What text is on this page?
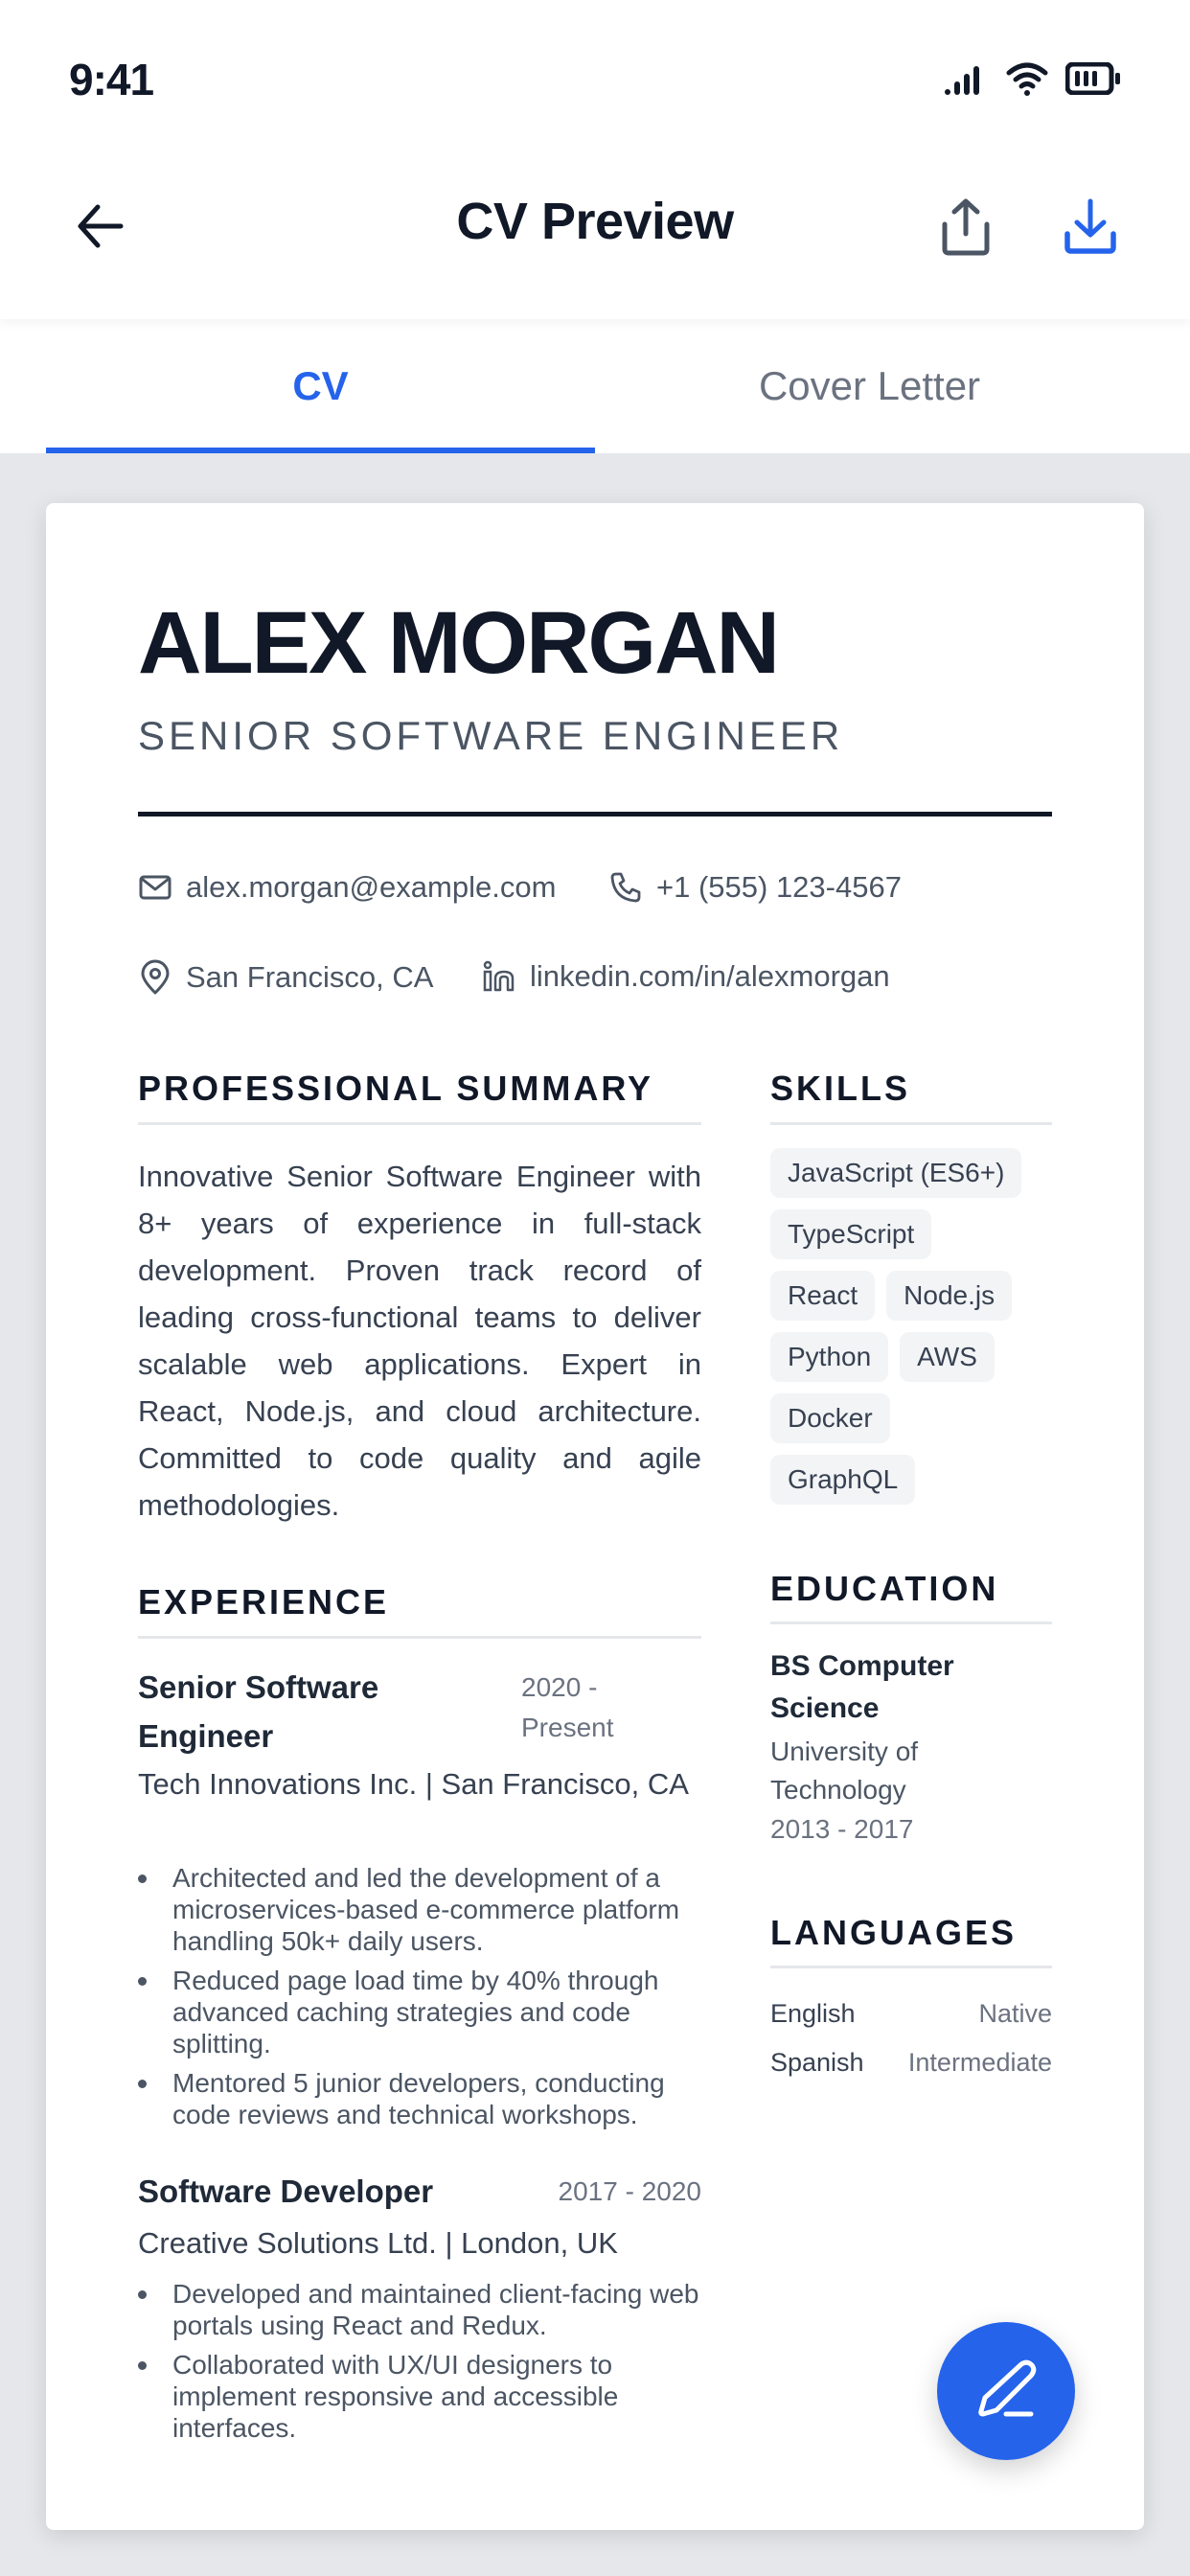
9:41
CV Preview
CV	Cover Letter
ALEX MORGAN
SENIOR SOFTWARE ENGINEER
alex.morgan@example.com	+1 (555) 123-4567
San Francisco, CA	linkedin.com/in/alexmorgan
PROFESSIONAL SUMMARY
Innovative Senior Software Engineer with 8+ years of experience in full-stack development. Proven track record of leading cross-functional teams to deliver scalable web applications. Expert in React, Node.js, and cloud architecture. Committed to code quality and agile methodologies.
EXPERIENCE
Senior Software Engineer
2020 - Present
Tech Innovations Inc. | San Francisco, CA
Architected and led the development of a microservices-based e-commerce platform handling 50k+ daily users.
Reduced page load time by 40% through advanced caching strategies and code splitting.
Mentored 5 junior developers, conducting code reviews and technical workshops.
Software Developer	2017 - 2020
Creative Solutions Ltd. | London, UK
Developed and maintained client-facing web portals using React and Redux.
Collaborated with UX/UI designers to implement responsive and accessible interfaces.
SKILLS
JavaScript (ES6+)
TypeScript
React	Node.js
Python	AWS
Docker
GraphQL
EDUCATION
BS Computer Science
University of Technology
2013 - 2017
LANGUAGES
English	Native
Spanish Intermediate
